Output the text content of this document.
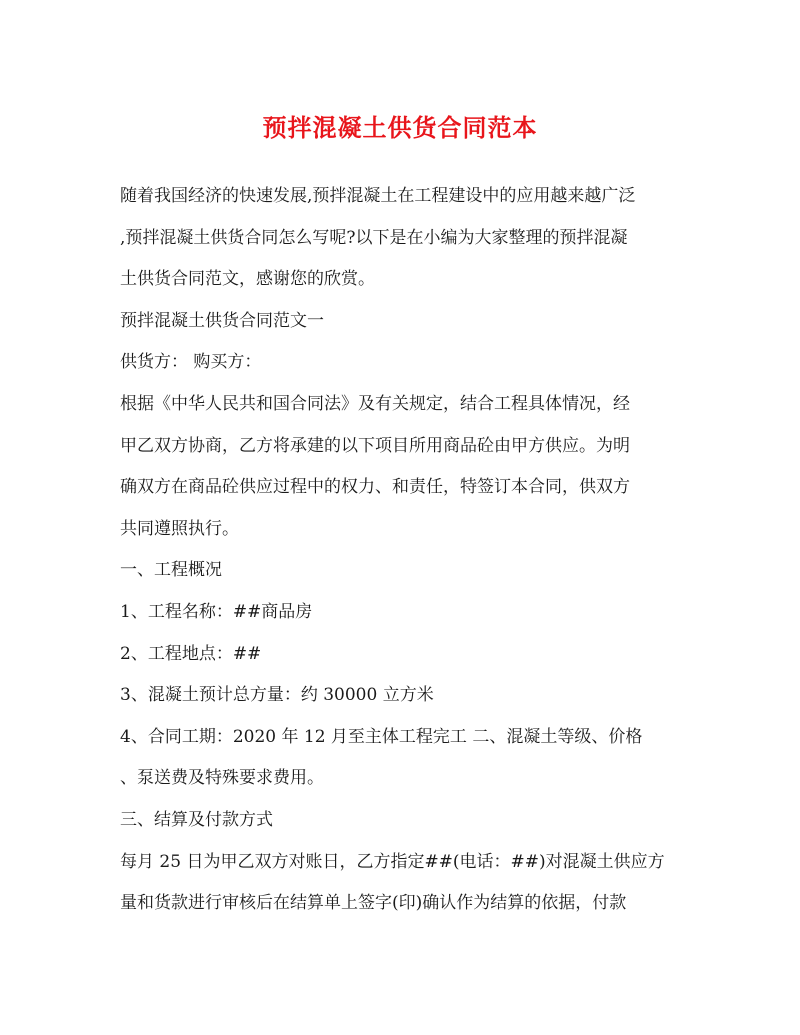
预拌混凝土供货合同范本
随着我国经济的快速发展,预拌混凝土在工程建设中的应用越来越广泛
,预拌混凝土供货合同怎么写呢?以下是在小编为大家整理的预拌混凝
土供货合同范文，感谢您的欣赏。
预拌混凝土供货合同范文一
供货方： 购买方：
根据《中华人民共和国合同法》及有关规定，结合工程具体情况，经
甲乙双方协商，乙方将承建的以下项目所用商品砼由甲方供应。为明
确双方在商品砼供应过程中的权力、和责任，特签订本合同，供双方
共同遵照执行。
一、工程概况
1、工程名称：##商品房
2、工程地点：##
3、混凝土预计总方量：约 30000 立方米
4、合同工期：2020 年 12 月至主体工程完工 二、混凝土等级、价格
、泵送费及特殊要求费用。
三、结算及付款方式
每月 25 日为甲乙双方对账日，乙方指定##(电话：##)对混凝土供应方
量和货款进行审核后在结算单上签字(印)确认作为结算的依据，付款
